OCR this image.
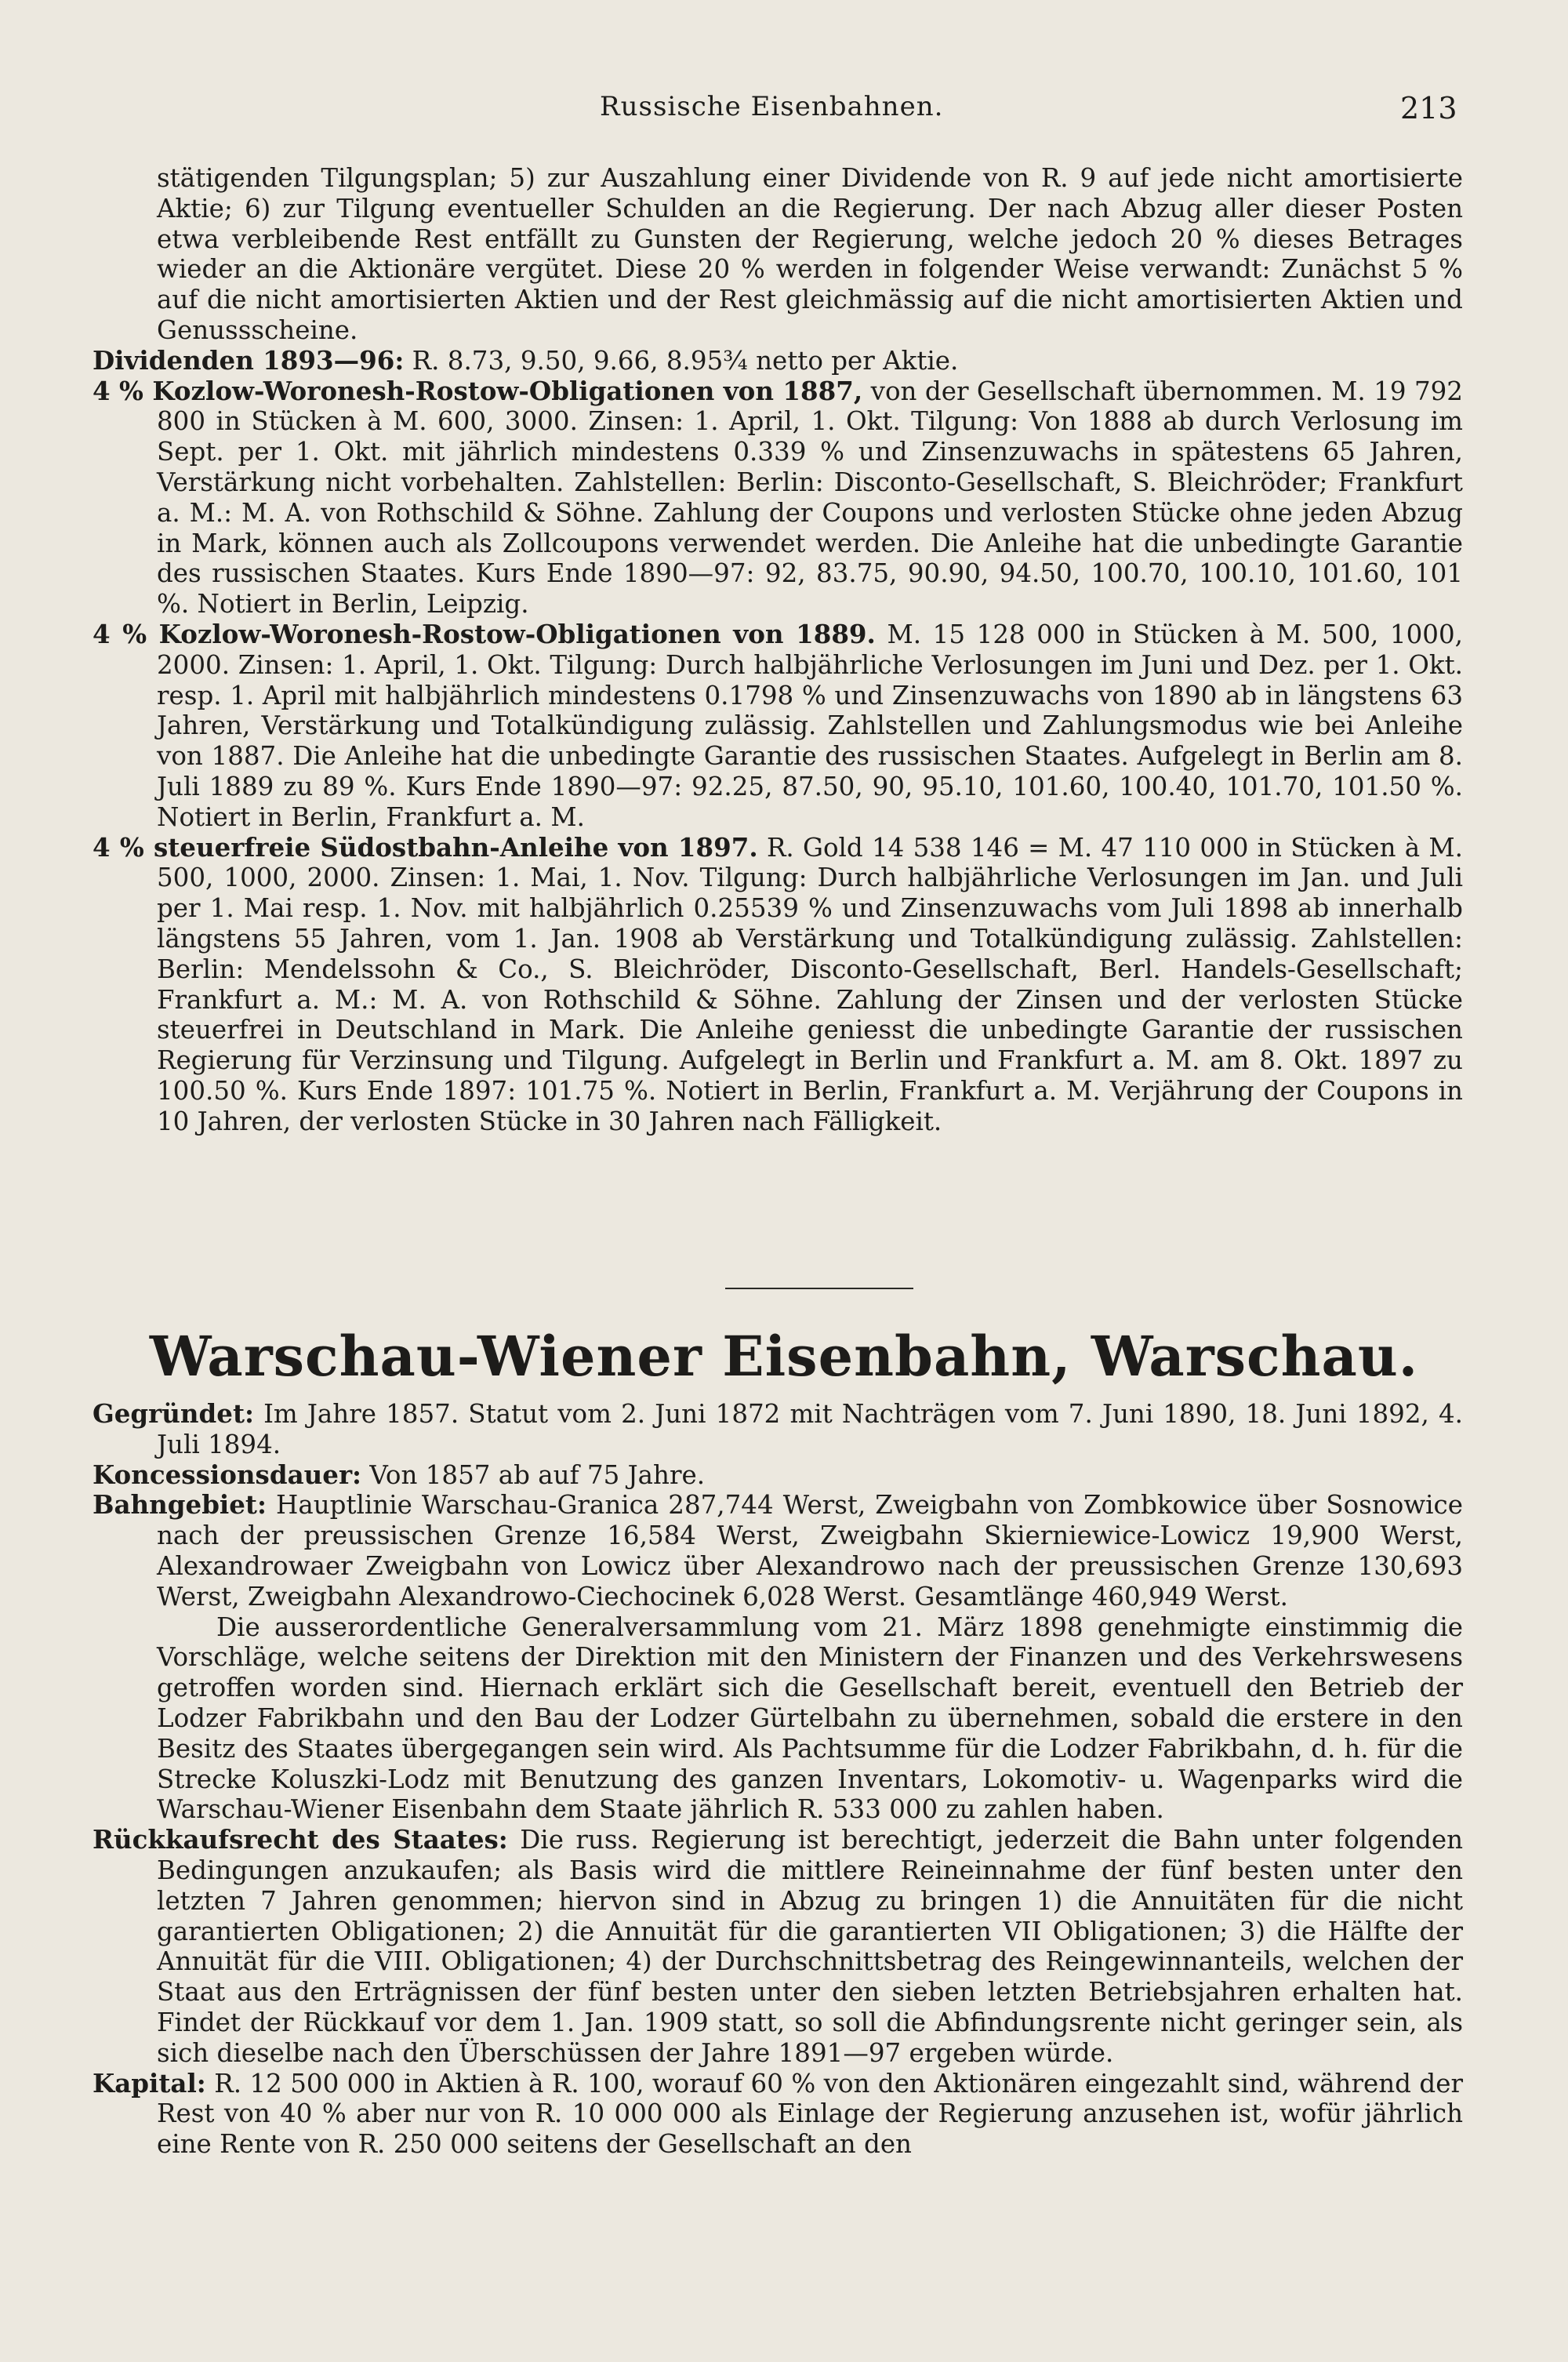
Russische Eisenbahnen.	213

stätigenden Tilgungsplan; 5) zur Auszahlung einer Dividende von R. 9 auf jede nicht amortisierte Aktie; 6) zur Tilgung eventueller Schulden an die Regierung. Der nach Abzug aller dieser Posten etwa verbleibende Rest entfällt zu Gunsten der Regierung, welche jedoch 20 % dieses Betrages wieder an die Aktionäre vergütet. Diese 20 % werden in folgender Weise verwandt: Zunächst 5 % auf die nicht amortisierten Aktien und der Rest gleichmässig auf die nicht amortisierten Aktien und Genussscheine.

Dividenden 1893—96: R. 8.73, 9.50, 9.66, 8.95¾ netto per Aktie.

4 % Kozlow-Woronesh-Rostow-Obligationen von 1887, von der Gesellschaft übernommen. M. 19 792 800 in Stücken à M. 600, 3000. Zinsen: 1. April, 1. Okt. Tilgung: Von 1888 ab durch Verlosung im Sept. per 1. Okt. mit jährlich mindestens 0.339 % und Zinsenzuwachs in spätestens 65 Jahren, Verstärkung nicht vorbehalten. Zahlstellen: Berlin: Disconto-Gesellschaft, S. Bleichröder; Frankfurt a. M.: M. A. von Rothschild & Söhne. Zahlung der Coupons und verlosten Stücke ohne jeden Abzug in Mark, können auch als Zollcoupons verwendet werden. Die Anleihe hat die unbedingte Garantie des russischen Staates. Kurs Ende 1890—97: 92, 83.75, 90.90, 94.50, 100.70, 100.10, 101.60, 101 %. Notiert in Berlin, Leipzig.

4 % Kozlow-Woronesh-Rostow-Obligationen von 1889. M. 15 128 000 in Stücken à M. 500, 1000, 2000. Zinsen: 1. April, 1. Okt. Tilgung: Durch halbjährliche Verlosungen im Juni und Dez. per 1. Okt. resp. 1. April mit halbjährlich mindestens 0.1798 % und Zinsenzuwachs von 1890 ab in längstens 63 Jahren, Verstärkung und Totalkündigung zulässig. Zahlstellen und Zahlungsmodus wie bei Anleihe von 1887. Die Anleihe hat die unbedingte Garantie des russischen Staates. Aufgelegt in Berlin am 8. Juli 1889 zu 89 %. Kurs Ende 1890—97: 92.25, 87.50, 90, 95.10, 101.60, 100.40, 101.70, 101.50 %. Notiert in Berlin, Frankfurt a. M.

4 % steuerfreie Südostbahn-Anleihe von 1897. R. Gold 14 538 146 = M. 47 110 000 in Stücken à M. 500, 1000, 2000. Zinsen: 1. Mai, 1. Nov. Tilgung: Durch halbjährliche Verlosungen im Jan. und Juli per 1. Mai resp. 1. Nov. mit halbjährlich 0.25539 % und Zinsenzuwachs vom Juli 1898 ab innerhalb längstens 55 Jahren, vom 1. Jan. 1908 ab Verstärkung und Totalkündigung zulässig. Zahlstellen: Berlin: Mendelssohn & Co., S. Bleichröder, Disconto-Gesellschaft, Berl. Handels-Gesellschaft; Frankfurt a. M.: M. A. von Rothschild & Söhne. Zahlung der Zinsen und der verlosten Stücke steuerfrei in Deutschland in Mark. Die Anleihe geniesst die unbedingte Garantie der russischen Regierung für Verzinsung und Tilgung. Aufgelegt in Berlin und Frankfurt a. M. am 8. Okt. 1897 zu 100.50 %. Kurs Ende 1897: 101.75 %. Notiert in Berlin, Frankfurt a. M. Verjährung der Coupons in 10 Jahren, der verlosten Stücke in 30 Jahren nach Fälligkeit.

Warschau-Wiener Eisenbahn, Warschau.

Gegründet: Im Jahre 1857. Statut vom 2. Juni 1872 mit Nachträgen vom 7. Juni 1890, 18. Juni 1892, 4. Juli 1894.

Koncessionsdauer: Von 1857 ab auf 75 Jahre.

Bahngebiet: Hauptlinie Warschau-Granica 287,744 Werst, Zweigbahn von Zombkowice über Sosnowice nach der preussischen Grenze 16,584 Werst, Zweigbahn Skierniewice-Lowicz 19,900 Werst, Alexandrowaer Zweigbahn von Lowicz über Alexandrowo nach der preussischen Grenze 130,693 Werst, Zweigbahn Alexandrowo-Ciechocinek 6,028 Werst. Gesamtlänge 460,949 Werst.

Die ausserordentliche Generalversammlung vom 21. März 1898 genehmigte einstimmig die Vorschläge, welche seitens der Direktion mit den Ministern der Finanzen und des Verkehrswesens getroffen worden sind. Hiernach erklärt sich die Gesellschaft bereit, eventuell den Betrieb der Lodzer Fabrikbahn und den Bau der Lodzer Gürtelbahn zu übernehmen, sobald die erstere in den Besitz des Staates übergegangen sein wird. Als Pachtsumme für die Lodzer Fabrikbahn, d. h. für die Strecke Koluszki-Lodz mit Benutzung des ganzen Inventars, Lokomotiv- u. Wagenparks wird die Warschau-Wiener Eisenbahn dem Staate jährlich R. 533 000 zu zahlen haben.

Rückkaufsrecht des Staates: Die russ. Regierung ist berechtigt, jederzeit die Bahn unter folgenden Bedingungen anzukaufen; als Basis wird die mittlere Reineinnahme der fünf besten unter den letzten 7 Jahren genommen; hiervon sind in Abzug zu bringen 1) die Annuitäten für die nicht garantierten Obligationen; 2) die Annuität für die garantierten VII Obligationen; 3) die Hälfte der Annuität für die VIII. Obligationen; 4) der Durchschnittsbetrag des Reingewinnanteils, welchen der Staat aus den Erträgnissen der fünf besten unter den sieben letzten Betriebsjahren erhalten hat. Findet der Rückkauf vor dem 1. Jan. 1909 statt, so soll die Abfindungsrente nicht geringer sein, als sich dieselbe nach den Überschüssen der Jahre 1891—97 ergeben würde.

Kapital: R. 12 500 000 in Aktien à R. 100, worauf 60 % von den Aktionären eingezahlt sind, während der Rest von 40 % aber nur von R. 10 000 000 als Einlage der Regierung anzusehen ist, wofür jährlich eine Rente von R. 250 000 seitens der Gesellschaft an den
